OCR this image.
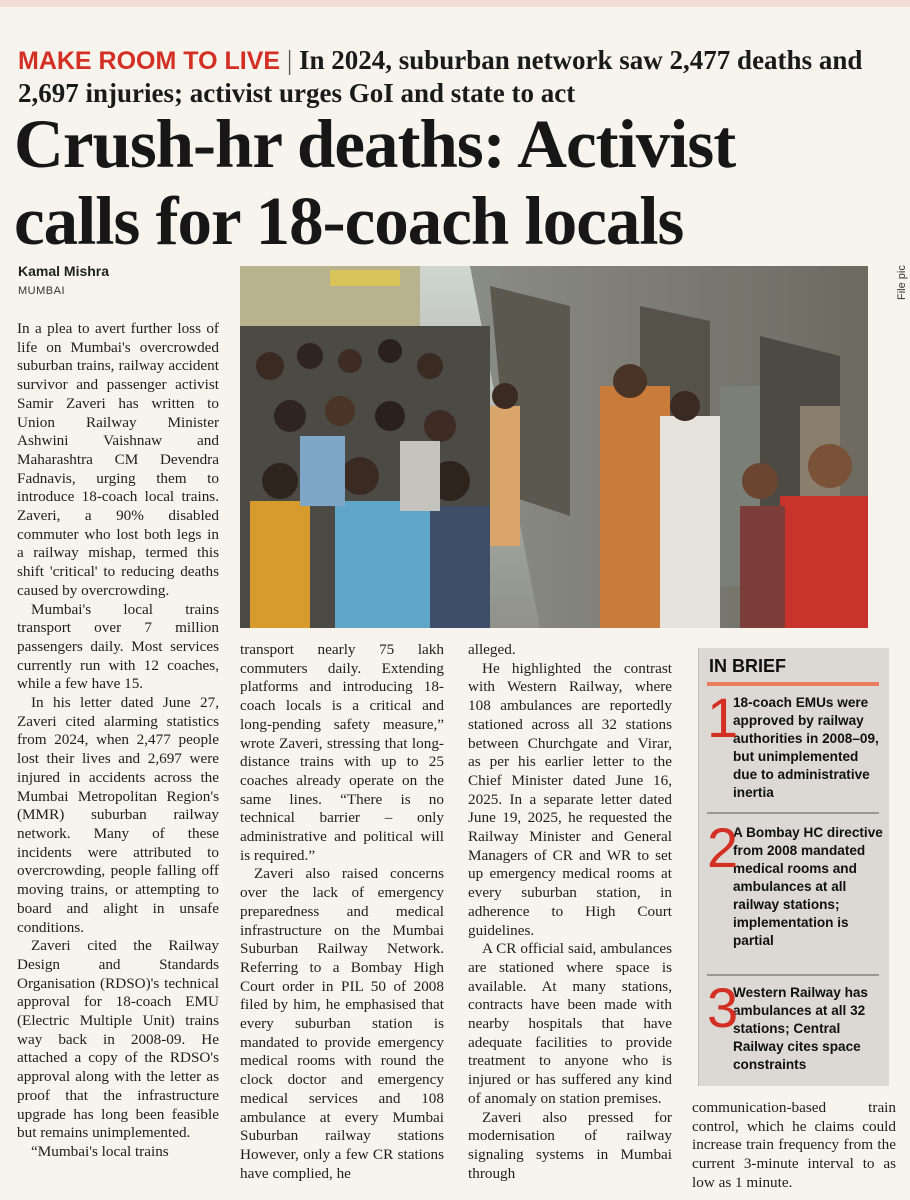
MAKE ROOM TO LIVE | In 2024, suburban network saw 2,477 deaths and 2,697 injuries; activist urges GoI and state to act
Crush-hr deaths: Activist
calls for 18-coach locals
Kamal Mishra
MUMBAI	File pic

In a plea to avert further loss of life on Mumbai's overcrowded suburban trains, railway accident survivor and passenger activist Samir Zaveri has written to Union Railway Minister Ashwini Vaishnaw and Maharashtra CM Devendra Fadnavis, urging them to introduce 18-coach local trains. Zaveri, a 90% disabled commuter who lost both legs in a railway mishap, termed this shift 'critical' to reducing deaths caused by overcrowding.

Mumbai's local trains transport over 7 million passengers daily. Most services currently run with 12 coaches, while a few have 15.

In his letter dated June 27, Zaveri cited alarming statistics from 2024, when 2,477 people lost their lives and 2,697 were injured in accidents across the Mumbai Metropolitan Region's (MMR) suburban railway network. Many of these incidents were attributed to overcrowding, people falling off moving trains, or attempting to board and alight in unsafe conditions.

Zaveri cited the Railway Design and Standards Organisation (RDSO)'s technical approval for 18-coach EMU (Electric Multiple Unit) trains way back in 2008-09. He attached a copy of the RDSO's approval along with the letter as proof that the infrastructure upgrade has long been feasible but remains unimplemented.

“Mumbai's local trains

transport nearly 75 lakh commuters daily. Extending platforms and introducing 18-coach locals is a critical and long-pending safety measure,” wrote Zaveri, stressing that long-distance trains with up to 25 coaches already operate on the same lines. “There is no technical barrier – only administrative and political will is required.”

Zaveri also raised concerns over the lack of emergency preparedness and medical infrastructure on the Mumbai Suburban Railway Network. Referring to a Bombay High Court order in PIL 50 of 2008 filed by him, he emphasised that every suburban station is mandated to provide emergency medical rooms with round the clock doctor and emergency medical services and 108 ambulance at every Mumbai Suburban railway stations However, only a few CR stations have complied, he

alleged.

He highlighted the contrast with Western Railway, where 108 ambulances are reportedly stationed across all 32 stations between Churchgate and Virar, as per his earlier letter to the Chief Minister dated June 16, 2025. In a separate letter dated June 19, 2025, he requested the Railway Minister and General Managers of CR and WR to set up emergency medical rooms at every suburban station, in adherence to High Court guidelines.

A CR official said, ambulances are stationed where space is available. At many stations, contracts have been made with nearby hospitals that have adequate facilities to provide treatment to anyone who is injured or has suffered any kind of anomaly on station premises.

Zaveri also pressed for modernisation of railway signaling systems in Mumbai through

communication-based train control, which he claims could increase train frequency from the current 3-minute interval to as low as 1 minute.

IN BRIEF
1
18-coach EMUs were approved by railway authorities in 2008–09, but unimplemented due to administrative inertia
2
A Bombay HC directive from 2008 mandated medical rooms and ambulances at all railway stations; implementation is partial
3
Western Railway has ambulances at all 32 stations; Central Railway cites space constraints
